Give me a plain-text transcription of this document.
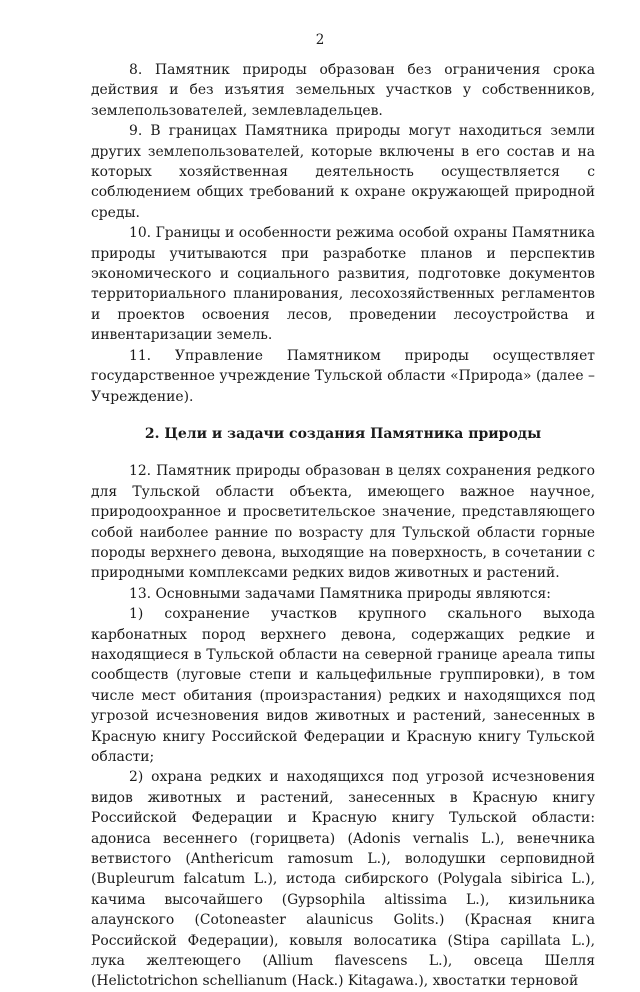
2

8. Памятник природы образован без ограничения срока действия и без изъятия земельных участков у собственников, землепользователей, землевладельцев.

9. В границах Памятника природы могут находиться земли других землепользователей, которые включены в его состав и на которых хозяйственная деятельность осуществляется с соблюдением общих требований к охране окружающей природной среды.

10. Границы и особенности режима особой охраны Памятника природы учитываются при разработке планов и перспектив экономического и социального развития, подготовке документов территориального планирования, лесохозяйственных регламентов и проектов освоения лесов, проведении лесоустройства и инвентаризации земель.

11. Управление Памятником природы осуществляет государственное учреждение Тульской области «Природа» (далее – Учреждение).

2. Цели и задачи создания Памятника природы

12. Памятник природы образован в целях сохранения редкого для Тульской области объекта, имеющего важное научное, природоохранное и просветительское значение, представляющего собой наиболее ранние по возрасту для Тульской области горные породы верхнего девона, выходящие на поверхность, в сочетании с природными комплексами редких видов животных и растений.

13. Основными задачами Памятника природы являются:

1) сохранение участков крупного скального выхода карбонатных пород верхнего девона, содержащих редкие и находящиеся в Тульской области на северной границе ареала типы сообществ (луговые степи и кальцефильные группировки), в том числе мест обитания (произрастания) редких и находящихся под угрозой исчезновения видов животных и растений, занесенных в Красную книгу Российской Федерации и Красную книгу Тульской области;

2) охрана редких и находящихся под угрозой исчезновения видов животных и растений, занесенных в Красную книгу Российской Федерации и Красную книгу Тульской области: адониса весеннего (горицвета) (Adonis vernalis L.), венечника ветвистого (Anthericum ramosum L.), володушки серповидной (Bupleurum falcatum L.), истода сибирского (Polygala sibirica L.), качима высочайшего (Gypsophila altissima L.), кизильника алаунского (Cotoneaster alaunicus Golits.) (Красная книга Российской Федерации), ковыля волосатика (Stipa capillata L.), лука желтеющего (Allium flavescens L.), овсеца Шелля (Helictotrichon schellianum (Hack.) Kitagawa.), хвостатки терновой
